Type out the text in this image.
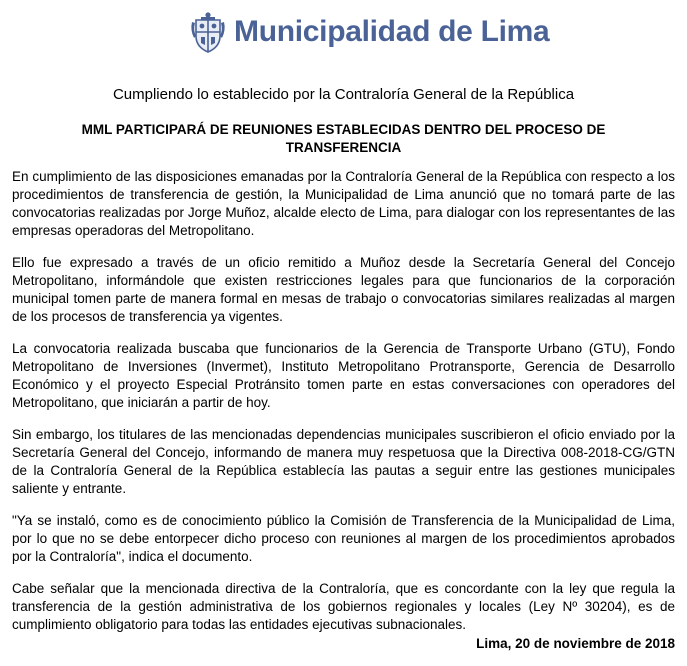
Municipalidad de Lima
Cumpliendo lo establecido por la Contraloría General de la República
MML PARTICIPARÁ DE REUNIONES ESTABLECIDAS DENTRO DEL PROCESO DE TRANSFERENCIA

En cumplimiento de las disposiciones emanadas por la Contraloría General de la República con respecto a los procedimientos de transferencia de gestión, la Municipalidad de Lima anunció que no tomará parte de las convocatorias realizadas por Jorge Muñoz, alcalde electo de Lima, para dialogar con los representantes de las empresas operadoras del Metropolitano.

Ello fue expresado a través de un oficio remitido a Muñoz desde la Secretaría General del Concejo Metropolitano, informándole que existen restricciones legales para que funcionarios de la corporación municipal tomen parte de manera formal en mesas de trabajo o convocatorias similares realizadas al margen de los procesos de transferencia ya vigentes.

La convocatoria realizada buscaba que funcionarios de la Gerencia de Transporte Urbano (GTU), Fondo Metropolitano de Inversiones (Invermet), Instituto Metropolitano Protransporte, Gerencia de Desarrollo Económico y el proyecto Especial Protránsito tomen parte en estas conversaciones con operadores del Metropolitano, que iniciarán a partir de hoy.

Sin embargo, los titulares de las mencionadas dependencias municipales suscribieron el oficio enviado por la Secretaría General del Concejo, informando de manera muy respetuosa que la Directiva 008-2018-CG/GTN de la Contraloría General de la República establecía las pautas a seguir entre las gestiones municipales saliente y entrante.

"Ya se instaló, como es de conocimiento público la Comisión de Transferencia de la Municipalidad de Lima, por lo que no se debe entorpecer dicho proceso con reuniones al margen de los procedimientos aprobados por la Contraloría", indica el documento.

Cabe señalar que la mencionada directiva de la Contraloría, que es concordante con la ley que regula la transferencia de la gestión administrativa de los gobiernos regionales y locales (Ley Nº 30204), es de cumplimiento obligatorio para todas las entidades ejecutivas subnacionales.

Lima, 20 de noviembre de 2018
